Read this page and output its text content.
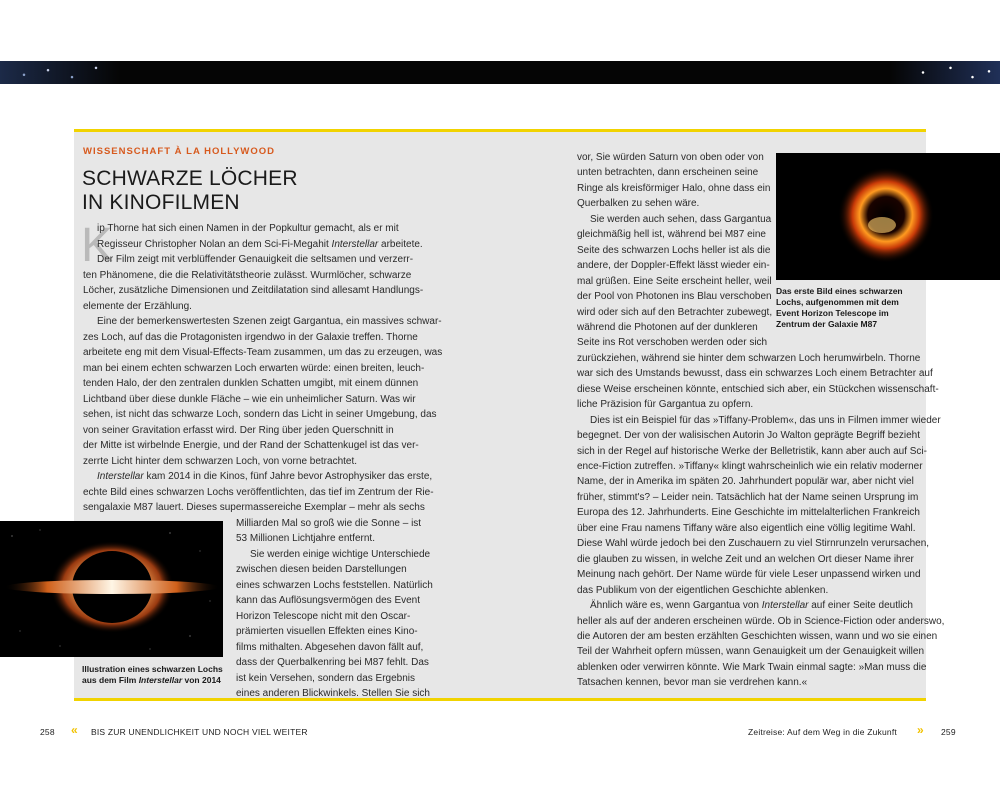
WISSENSCHAFT À LA HOLLYWOOD
SCHWARZE LÖCHER
IN KINOFILMEN
K
Illustration eines schwarzen Lochs
aus dem Film Interstellar von 2014
Das erste Bild eines schwarzen
Lochs, aufgenommen mit dem
Event Horizon Telescope im
Zentrum der Galaxie M87
258 « BIS ZUR UNENDLICHKEIT UND NOCH VIEL WEITER	Zeitreise: Auf dem Weg in die Zukunft » 259
ip Thorne hat sich einen Namen in der Popkultur gemacht, als er mit
Regisseur Christopher Nolan an dem Sci-Fi-Megahit Interstellar arbeitete.
Der Film zeigt mit verblüffender Genauigkeit die seltsamen und verzerr-
ten Phänomene, die die Relativitätstheorie zulässt. Wurmlöcher, schwarze
Löcher, zusätzliche Dimensionen und Zeitdilatation sind allesamt Handlungs-
elemente der Erzählung.
Eine der bemerkenswertesten Szenen zeigt Gargantua, ein massives schwar-
zes Loch, auf das die Protagonisten irgendwo in der Galaxie treffen. Thorne
arbeitete eng mit dem Visual-Effects-Team zusammen, um das zu erzeugen, was
man bei einem echten schwarzen Loch erwarten würde: einen breiten, leuch-
tenden Halo, der den zentralen dunklen Schatten umgibt, mit einem dünnen
Lichtband über diese dunkle Fläche – wie ein unheimlicher Saturn. Was wir
sehen, ist nicht das schwarze Loch, sondern das Licht in seiner Umgebung, das
von seiner Gravitation erfasst wird. Der Ring über jeden Querschnitt in
der Mitte ist wirbelnde Energie, und der Rand der Schattenkugel ist das ver-
zerrte Licht hinter dem schwarzen Loch, von vorne betrachtet.
Interstellar kam 2014 in die Kinos, fünf Jahre bevor Astrophysiker das erste,
echte Bild eines schwarzen Lochs veröffentlichten, das tief im Zentrum der Rie-
sengalaxie M87 lauert. Dieses supermassereiche Exemplar – mehr als sechs
Milliarden Mal so groß wie die Sonne – ist
53 Millionen Lichtjahre entfernt.
Sie werden einige wichtige Unterschiede
zwischen diesen beiden Darstellungen
eines schwarzen Lochs feststellen. Natürlich
kann das Auflösungsvermögen des Event
Horizon Telescope nicht mit den Oscar-
prämierten visuellen Effekten eines Kino-
films mithalten. Abgesehen davon fällt auf,
dass der Querbalkenring bei M87 fehlt. Das
ist kein Versehen, sondern das Ergebnis
eines anderen Blickwinkels. Stellen Sie sich
vor, Sie würden Saturn von oben oder von
unten betrachten, dann erscheinen seine
Ringe als kreisförmiger Halo, ohne dass ein
Querbalken zu sehen wäre.
Sie werden auch sehen, dass Gargantua
gleichmäßig hell ist, während bei M87 eine
Seite des schwarzen Lochs heller ist als die
andere, der Doppler-Effekt lässt wieder ein-
mal grüßen. Eine Seite erscheint heller, weil
der Pool von Photonen ins Blau verschoben
wird oder sich auf den Betrachter zubewegt,
während die Photonen auf der dunkleren
Seite ins Rot verschoben werden oder sich
zurückziehen, während sie hinter dem schwarzen Loch herumwirbeln. Thorne
war sich des Umstands bewusst, dass ein schwarzes Loch einem Betrachter auf
diese Weise erscheinen könnte, entschied sich aber, ein Stückchen wissenschaft-
liche Präzision für Gargantua zu opfern.
Dies ist ein Beispiel für das »Tiffany-Problem«, das uns in Filmen immer wieder
begegnet. Der von der walisischen Autorin Jo Walton geprägte Begriff bezieht
sich in der Regel auf historische Werke der Belletristik, kann aber auch auf Sci-
ence-Fiction zutreffen. »Tiffany« klingt wahrscheinlich wie ein relativ moderner
Name, der in Amerika im späten 20. Jahrhundert populär war, aber nicht viel
früher, stimmt's? – Leider nein. Tatsächlich hat der Name seinen Ursprung im
Europa des 12. Jahrhunderts. Eine Geschichte im mittelalterlichen Frankreich
über eine Frau namens Tiffany wäre also eigentlich eine völlig legitime Wahl.
Diese Wahl würde jedoch bei den Zuschauern zu viel Stirnrunzeln verursachen,
die glauben zu wissen, in welche Zeit und an welchen Ort dieser Name ihrer
Meinung nach gehört. Der Name würde für viele Leser unpassend wirken und
das Publikum von der eigentlichen Geschichte ablenken.
Ähnlich wäre es, wenn Gargantua von Interstellar auf einer Seite deutlich
heller als auf der anderen erscheinen würde. Ob in Science-Fiction oder anderswo,
die Autoren der am besten erzählten Geschichten wissen, wann und wo sie einen
Teil der Wahrheit opfern müssen, wann Genauigkeit um der Genauigkeit willen
ablenken oder verwirren könnte. Wie Mark Twain einmal sagte: »Man muss die
Tatsachen kennen, bevor man sie verdrehen kann.«
